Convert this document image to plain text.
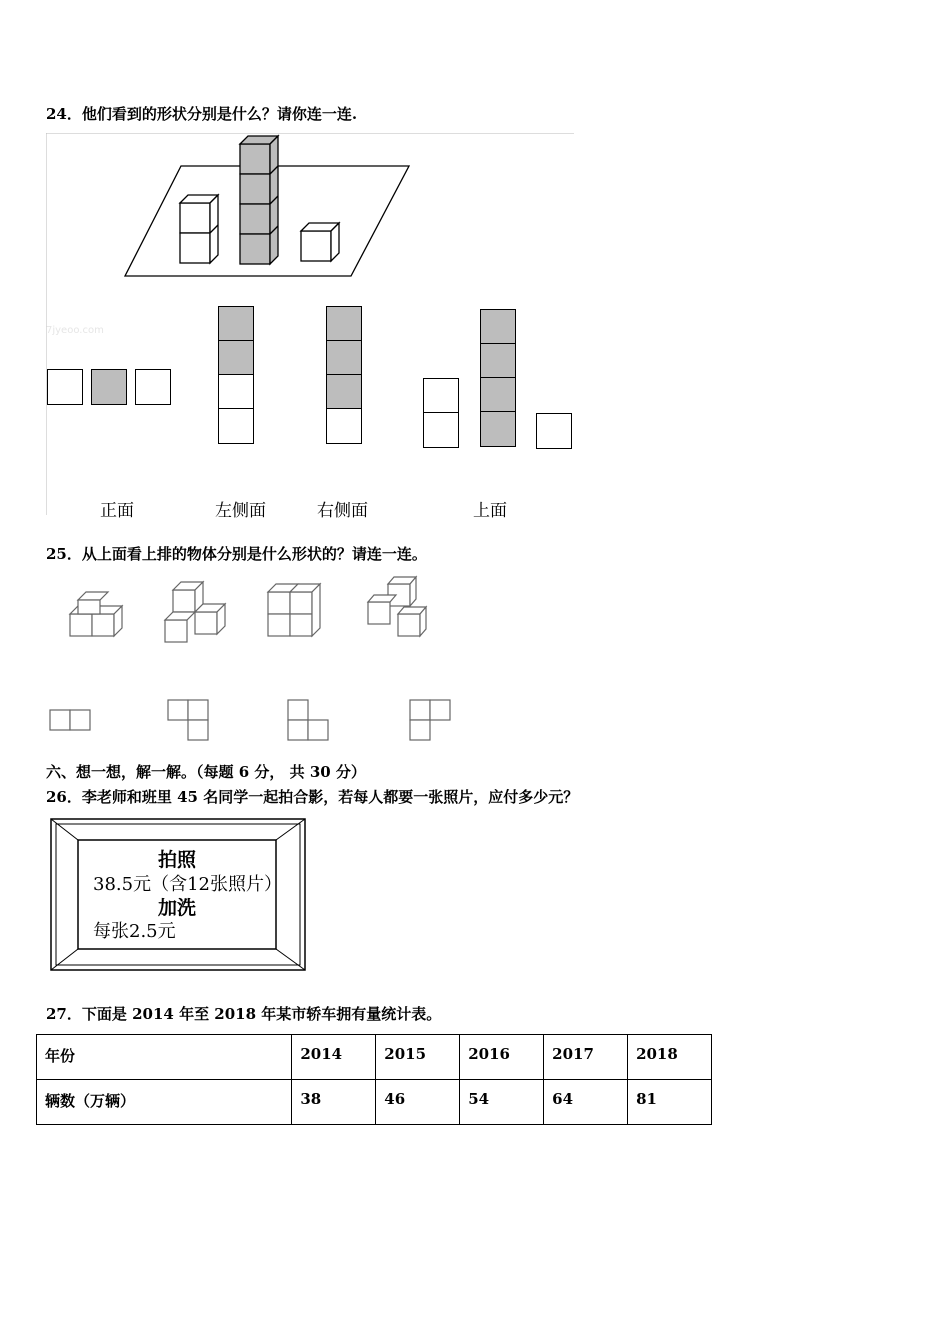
24．他们看到的形状分别是什么？请你连一连.
7jyeoo.com
正面	左侧面	右侧面	上面
25．从上面看上排的物体分别是什么形状的？请连一连。
六、想一想，解一解。（每题 6 分， 共 30 分）
26．李老师和班里 45 名同学一起拍合影，若每人都要一张照片，应付多少元？
拍照
38.5元（含12张照片）
加洗
每张2.5元
27．下面是 2014 年至 2018 年某市轿车拥有量统计表。
年份	2014	2015	2016	2017	2018
辆数（万辆）	38	46	54	64	81
